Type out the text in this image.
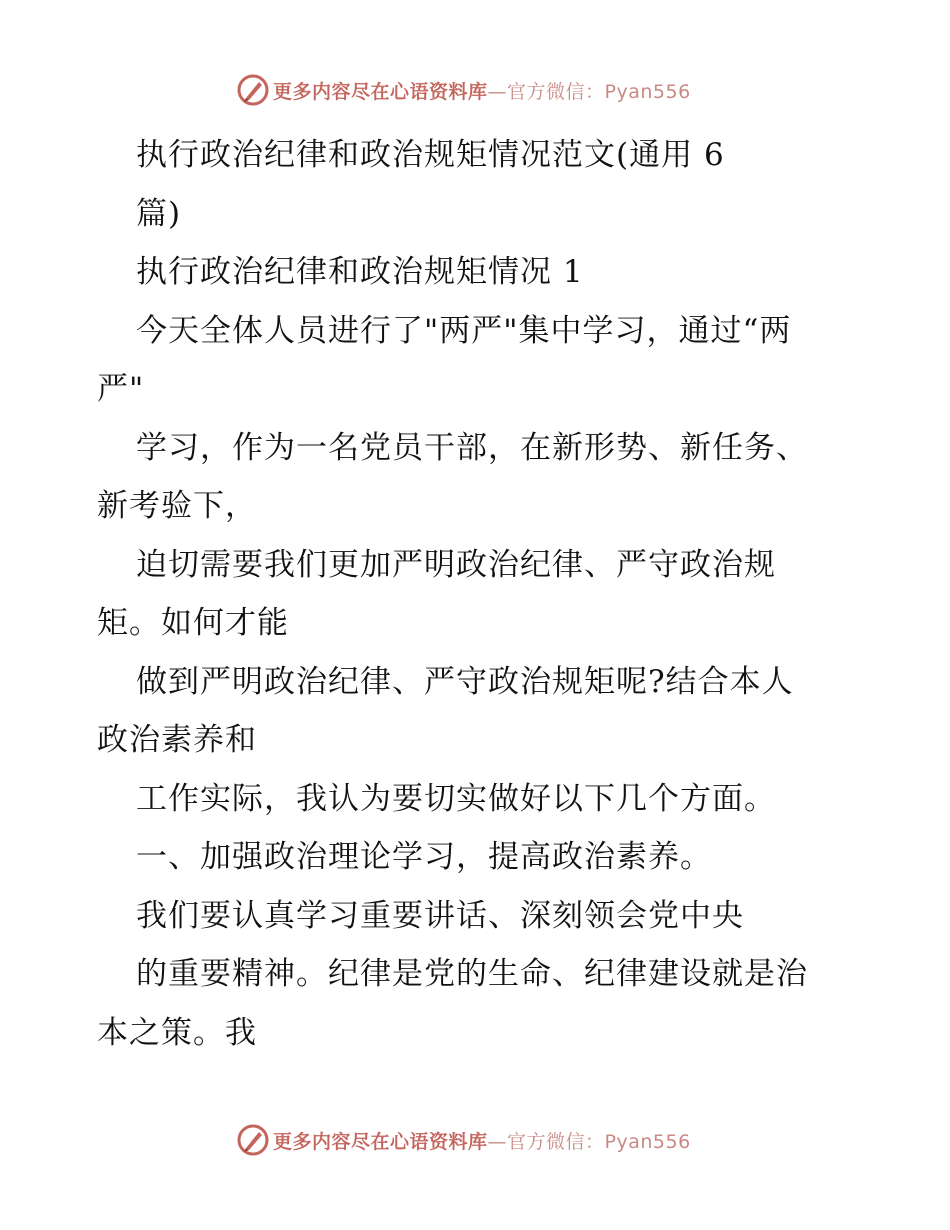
更多内容尽在心语资料库—官方微信：Pyan556
执行政治纪律和政治规矩情况范文(通用 6
篇)
执行政治纪律和政治规矩情况 1
今天全体人员进行了"两严"集中学习，通过“两
严"
学习，作为一名党员干部，在新形势、新任务、
新考验下，
迫切需要我们更加严明政治纪律、严守政治规
矩。如何才能
做到严明政治纪律、严守政治规矩呢?结合本人
政治素养和
工作实际，我认为要切实做好以下几个方面。
一、加强政治理论学习，提高政治素养。
我们要认真学习重要讲话、深刻领会党中央
的重要精神。纪律是党的生命、纪律建设就是治
本之策。我
更多内容尽在心语资料库—官方微信：Pyan556
